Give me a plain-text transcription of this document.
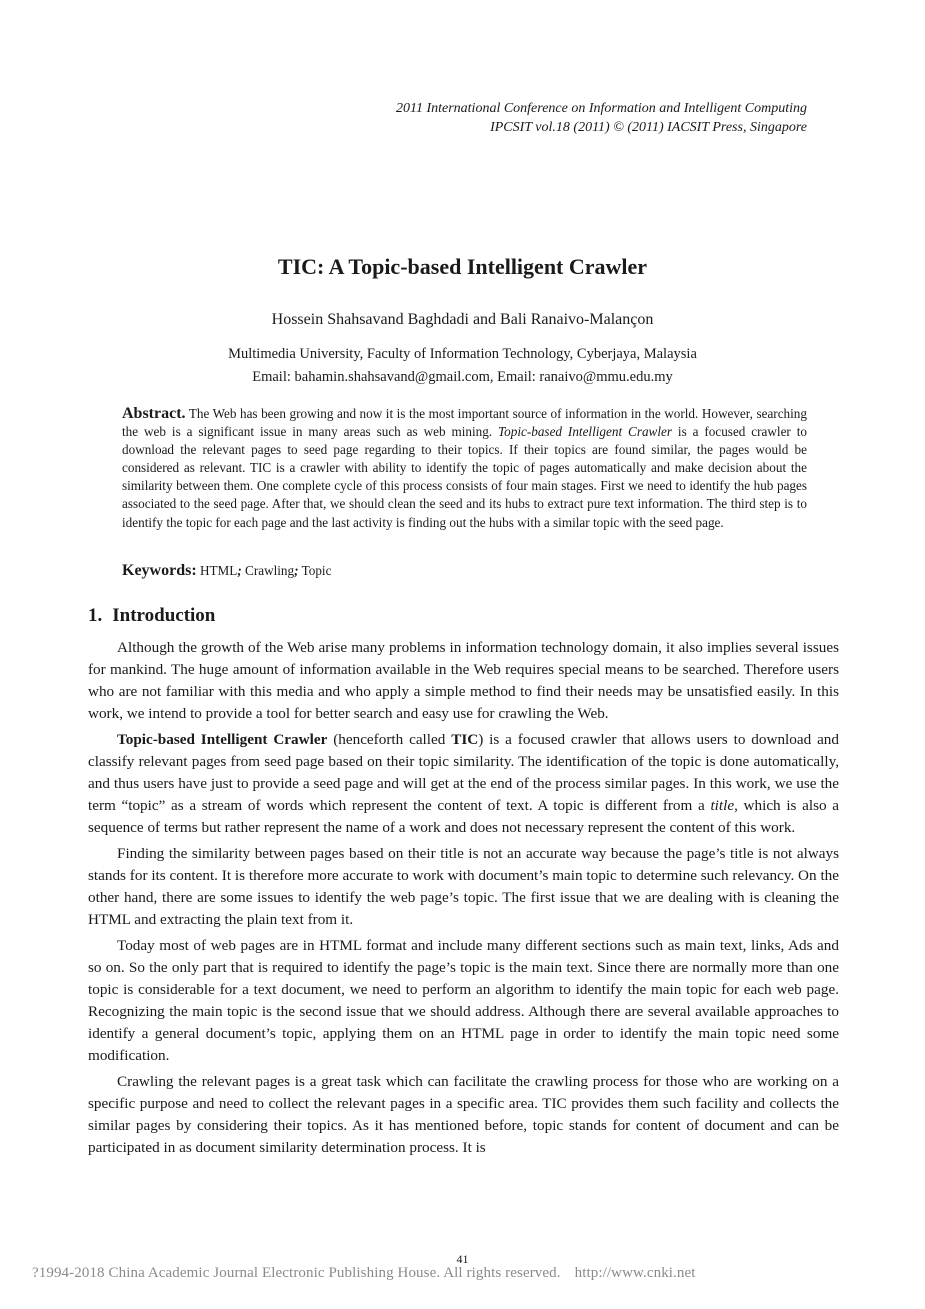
2011 International Conference on Information and Intelligent Computing
IPCSIT vol.18 (2011) © (2011) IACSIT Press, Singapore
TIC: A Topic-based Intelligent Crawler
Hossein Shahsavand Baghdadi and Bali Ranaivo-Malançon
Multimedia University, Faculty of Information Technology, Cyberjaya, Malaysia
Email: bahamin.shahsavand@gmail.com, Email: ranaivo@mmu.edu.my

Abstract. The Web has been growing and now it is the most important source of information in the world. However, searching the web is a significant issue in many areas such as web mining. Topic-based Intelligent Crawler is a focused crawler to download the relevant pages to seed page regarding to their topics. If their topics are found similar, the pages would be considered as relevant. TIC is a crawler with ability to identify the topic of pages automatically and make decision about the similarity between them. One complete cycle of this process consists of four main stages. First we need to identify the hub pages associated to the seed page. After that, we should clean the seed and its hubs to extract pure text information. The third step is to identify the topic for each page and the last activity is finding out the hubs with a similar topic with the seed page.

Keywords: HTML; Crawling; Topic
1. Introduction

Although the growth of the Web arise many problems in information technology domain, it also implies several issues for mankind. The huge amount of information available in the Web requires special means to be searched. Therefore users who are not familiar with this media and who apply a simple method to find their needs may be unsatisfied easily. In this work, we intend to provide a tool for better search and easy use for crawling the Web.

Topic-based Intelligent Crawler (henceforth called TIC) is a focused crawler that allows users to download and classify relevant pages from seed page based on their topic similarity. The identification of the topic is done automatically, and thus users have just to provide a seed page and will get at the end of the process similar pages. In this work, we use the term “topic” as a stream of words which represent the content of text. A topic is different from a title, which is also a sequence of terms but rather represent the name of a work and does not necessary represent the content of this work.

Finding the similarity between pages based on their title is not an accurate way because the page’s title is not always stands for its content. It is therefore more accurate to work with document’s main topic to determine such relevancy. On the other hand, there are some issues to identify the web page’s topic. The first issue that we are dealing with is cleaning the HTML and extracting the plain text from it.

Today most of web pages are in HTML format and include many different sections such as main text, links, Ads and so on. So the only part that is required to identify the page’s topic is the main text. Since there are normally more than one topic is considerable for a text document, we need to perform an algorithm to identify the main topic for each web page. Recognizing the main topic is the second issue that we should address. Although there are several available approaches to identify a general document’s topic, applying them on an HTML page in order to identify the main topic need some modification.

Crawling the relevant pages is a great task which can facilitate the crawling process for those who are working on a specific purpose and need to collect the relevant pages in a specific area. TIC provides them such facility and collects the similar pages by considering their topics. As it has mentioned before, topic stands for content of document and can be participated in as document similarity determination process. It is

41
?1994-2018 China Academic Journal Electronic Publishing House. All rights reserved. http://www.cnki.net
